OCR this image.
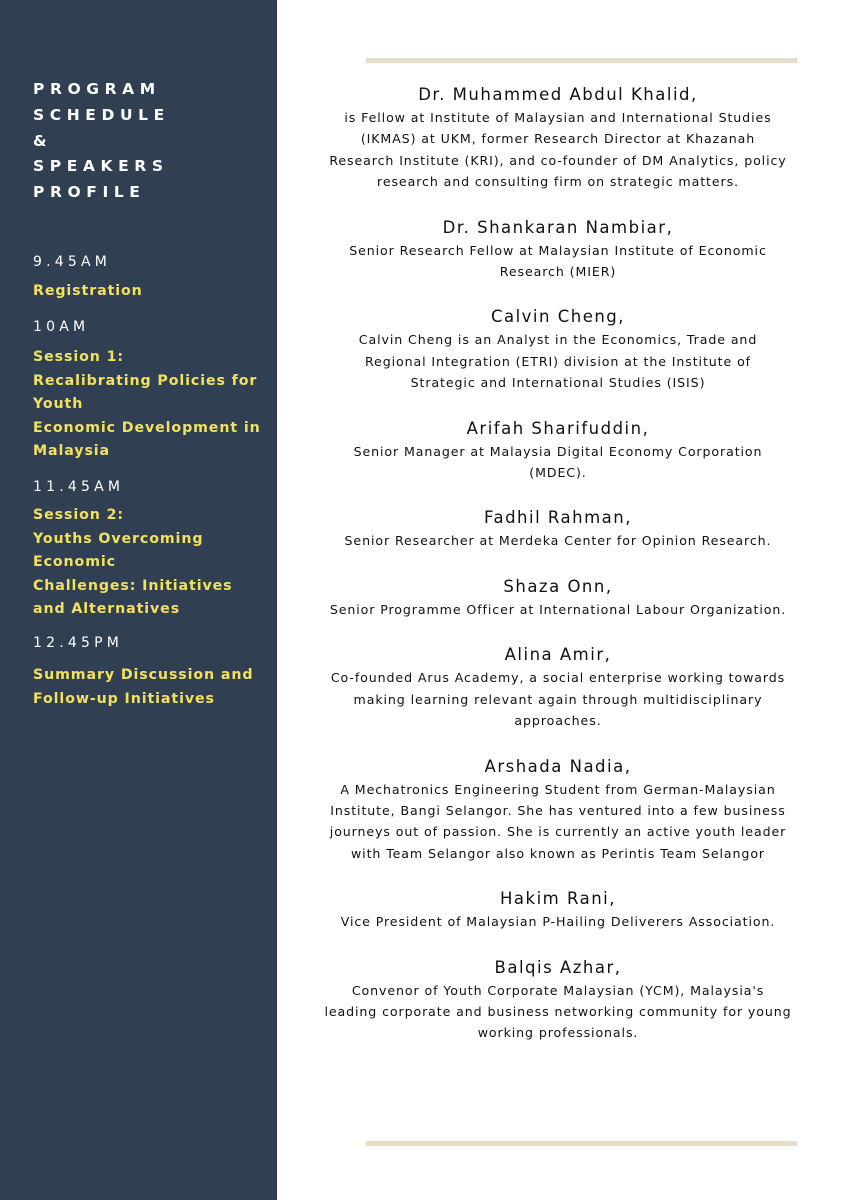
PROGRAM
SCHEDULE
&
SPEAKERS
PROFILE
9.45AM
Registration
10AM
Session 1:
Recalibrating Policies for
Youth
Economic Development in
Malaysia
11.45AM
Session 2:
Youths Overcoming
Economic
Challenges: Initiatives
and Alternatives
12.45PM
Summary Discussion and
Follow-up Initiatives
Dr. Muhammed Abdul Khalid,
is Fellow at Institute of Malaysian and International Studies
(IKMAS) at UKM, former Research Director at Khazanah
Research Institute (KRI), and co-founder of DM Analytics, policy
research and consulting firm on strategic matters.
Dr. Shankaran Nambiar,
Senior Research Fellow at Malaysian Institute of Economic
Research (MIER)
Calvin Cheng,
Calvin Cheng is an Analyst in the Economics, Trade and
Regional Integration (ETRI) division at the Institute of
Strategic and International Studies (ISIS)
Arifah Sharifuddin,
Senior Manager at Malaysia Digital Economy Corporation
(MDEC).
Fadhil Rahman,
Senior Researcher at Merdeka Center for Opinion Research.
Shaza Onn,
Senior Programme Officer at International Labour Organization.
Alina Amir,
Co-founded Arus Academy, a social enterprise working towards
making learning relevant again through multidisciplinary
approaches.
Arshada Nadia,
A Mechatronics Engineering Student from German-Malaysian
Institute, Bangi Selangor. She has ventured into a few business
journeys out of passion. She is currently an active youth leader
with Team Selangor also known as Perintis Team Selangor
Hakim Rani,
Vice President of Malaysian P-Hailing Deliverers Association.
Balqis Azhar,
Convenor of Youth Corporate Malaysian (YCM), Malaysia's
leading corporate and business networking community for young
working professionals.
